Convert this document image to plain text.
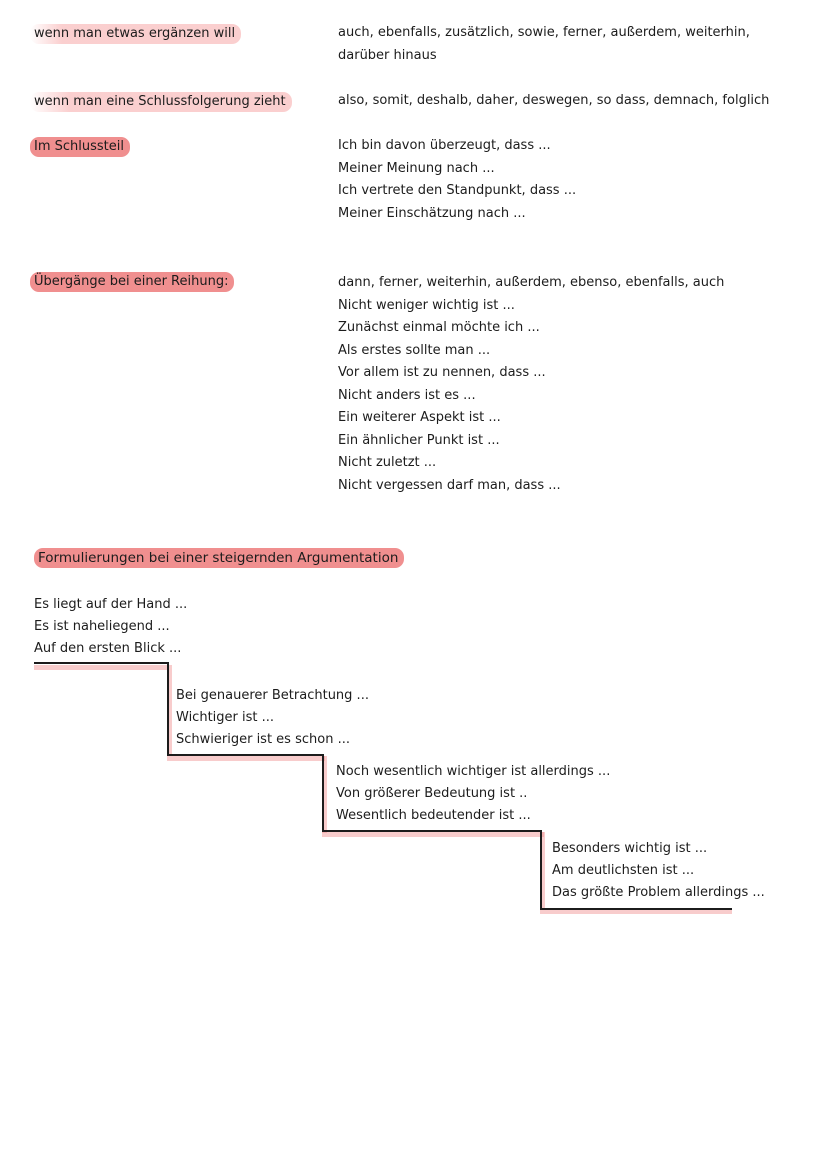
wenn man etwas ergänzen will	auch, ebenfalls, zusätzlich, sowie, ferner, außerdem, weiterhin,
darüber hinaus
wenn man eine Schlussfolgerung zieht	also, somit, deshalb, daher, deswegen, so dass, demnach, folglich
Im Schlussteil	Ich bin davon überzeugt, dass ...
Meiner Meinung nach ...
Ich vertrete den Standpunkt, dass ...
Meiner Einschätzung nach ...
Übergänge bei einer Reihung:	dann, ferner, weiterhin, außerdem, ebenso, ebenfalls, auch
Nicht weniger wichtig ist ...
Zunächst einmal möchte ich ...
Als erstes sollte man ...
Vor allem ist zu nennen, dass ...
Nicht anders ist es ...
Ein weiterer Aspekt ist ...
Ein ähnlicher Punkt ist ...
Nicht zuletzt ...
Nicht vergessen darf man, dass ...
Formulierungen bei einer steigernden Argumentation
Es liegt auf der Hand ...
Es ist naheliegend ...
Auf den ersten Blick ...
Bei genauerer Betrachtung ...
Wichtiger ist ...
Schwieriger ist es schon ...
Noch wesentlich wichtiger ist allerdings ...
Von größerer Bedeutung ist ..
Wesentlich bedeutender ist ...
Besonders wichtig ist ...
Am deutlichsten ist ...
Das größte Problem allerdings ...
